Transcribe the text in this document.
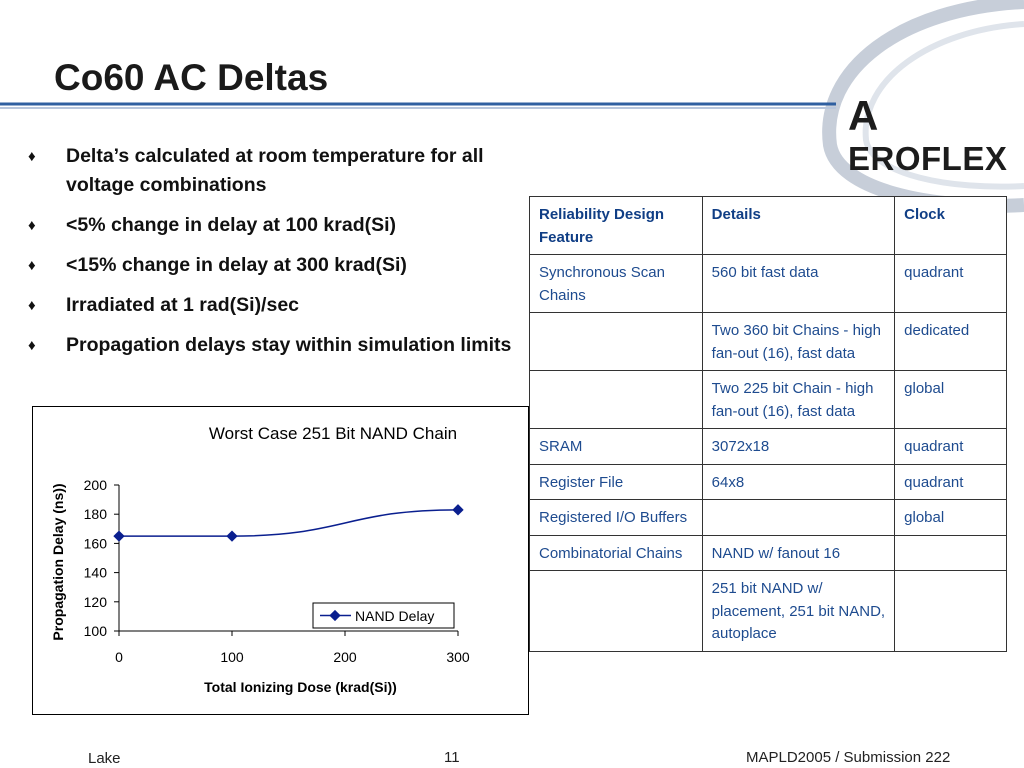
Co60 AC Deltas
AEROFLEX
♦ Delta’s calculated at room temperature for all voltage combinations
♦ <5% change in delay at 100 krad(Si)
♦ <15% change in delay at 300 krad(Si)
♦ Irradiated at 1 rad(Si)/sec
♦ Propagation delays stay within simulation limits
Worst Case 251 Bit NAND Chain
100
120
140
160
180
200
0	100	200	300
Total Ionizing Dose (krad(Si))
Propagation Delay (ns))	NAND Delay
Reliability Design Feature	Details	Clock
Synchronous Scan Chains	560 bit fast data	quadrant
	Two 360 bit Chains - high fan-out (16), fast data	dedicated
	Two 225 bit Chain - high fan-out (16), fast data	global
SRAM	3072x18	quadrant
Register File	64x8	quadrant
Registered I/O Buffers		global
Combinatorial Chains	NAND w/ fanout 16	
	251 bit NAND w/ placement, 251 bit NAND, autoplace	
Lake	11	MAPLD2005 / Submission 222
